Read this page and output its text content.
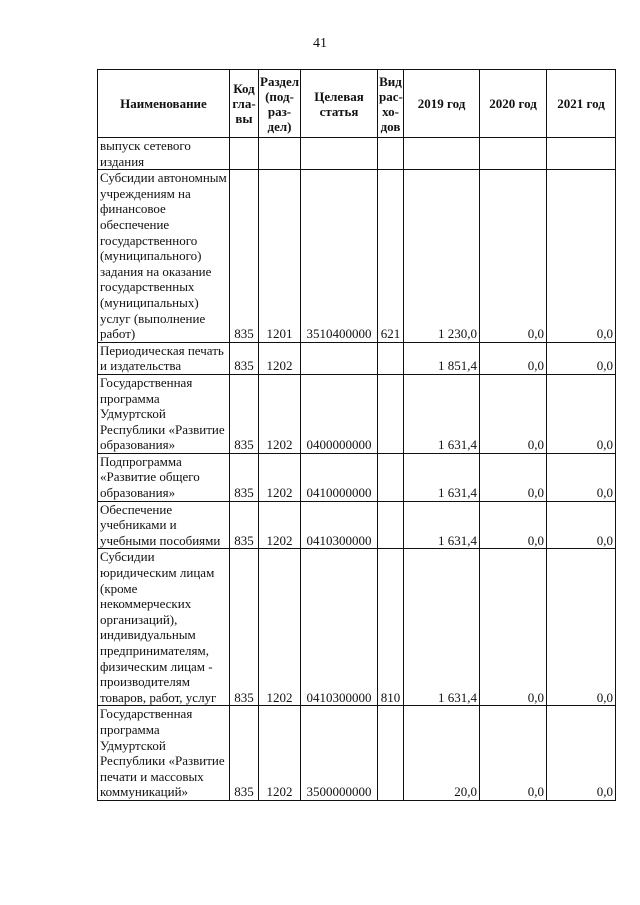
41
Наименование	Код гла- вы	Раздел (под- раз- дел)	Целевая статья	Вид рас- хо- дов	2019 год	2020 год	2021 год
выпуск сетевого издания							
Субсидии автономным учреждениям на финансовое обеспечение государственного (муниципального) задания на оказание государственных (муниципальных) услуг (выполнение работ)	835	1201	3510400000	621	1 230,0	0,0	0,0
Периодическая печать и издательства	835	1202			1 851,4	0,0	0,0
Государственная программа Удмуртской Республики «Развитие образования»	835	1202	0400000000		1 631,4	0,0	0,0
Подпрограмма «Развитие общего образования»	835	1202	0410000000		1 631,4	0,0	0,0
Обеспечение учебниками и учебными пособиями	835	1202	0410300000		1 631,4	0,0	0,0
Субсидии юридическим лицам (кроме некоммерческих организаций), индивидуальным предпринимателям, физическим лицам - производителям товаров, работ, услуг	835	1202	0410300000	810	1 631,4	0,0	0,0
Государственная программа Удмуртской Республики «Развитие печати и массовых коммуникаций»	835	1202	3500000000		20,0	0,0	0,0
